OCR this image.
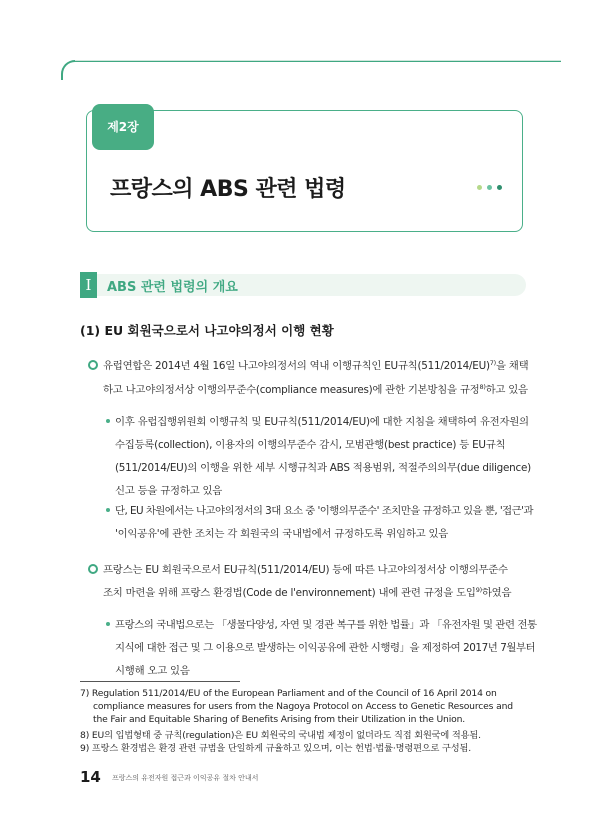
제2장
프랑스의 ABS 관련 법령
I	ABS 관련 법령의 개요
(1) EU 회원국으로서 나고야의정서 이행 현황
유럽연합은 2014년 4월 16일 나고야의정서의 역내 이행규칙인 EU규칙$(511/2014/EU)^{7)}$을 채택
하고 나고야의정서상 이행의무준수(compliance measures)에 관한 기본방침을 규정$^{8)}$하고 있음
이후 유럽집행위원회 이행규칙 및 EU규칙(511/2014/EU)에 대한 지침을 채택하여 유전자원의
수집등록(collection), 이용자의 이행의무준수 감시, 모범관행(best practice) 등 EU규칙
(511/2014/EU)의 이행을 위한 세부 시행규칙과 ABS 적용범위, 적절주의의무(due diligence)
신고 등을 규정하고 있음
단, EU 차원에서는 나고야의정서의 3대 요소 중 '이행의무준수' 조치만을 규정하고 있을 뿐, '접근'과
'이익공유'에 관한 조치는 각 회원국의 국내법에서 규정하도록 위임하고 있음
프랑스는 EU 회원국으로서 EU규칙(511/2014/EU) 등에 따른 나고야의정서상 이행의무준수
조치 마련을 위해 프랑스 환경법(Code de l'environnement) 내에 관련 규정을 도입$^{9)}$하였음
프랑스의 국내법으로는 「생물다양성, 자연 및 경관 복구를 위한 법률」과 「유전자원 및 관련 전통
지식에 대한 접근 및 그 이용으로 발생하는 이익공유에 관한 시행령」을 제정하여 2017년 7월부터
시행해 오고 있음
7) Regulation 511/2014/EU of the European Parliament and of the Council of 16 April 2014 on
compliance measures for users from the Nagoya Protocol on Access to Genetic Resources and
the Fair and Equitable Sharing of Benefits Arising from their Utilization in the Union.
8) EU의 입법형태 중 규칙(regulation)은 EU 회원국의 국내법 제정이 없더라도 직접 회원국에 적용됨.
9) 프랑스 환경법은 환경 관련 규범을 단일하게 규율하고 있으며, 이는 헌법·법률·명령편으로 구성됨.
14 프랑스의 유전자원 접근과 이익공유 절차 안내서
